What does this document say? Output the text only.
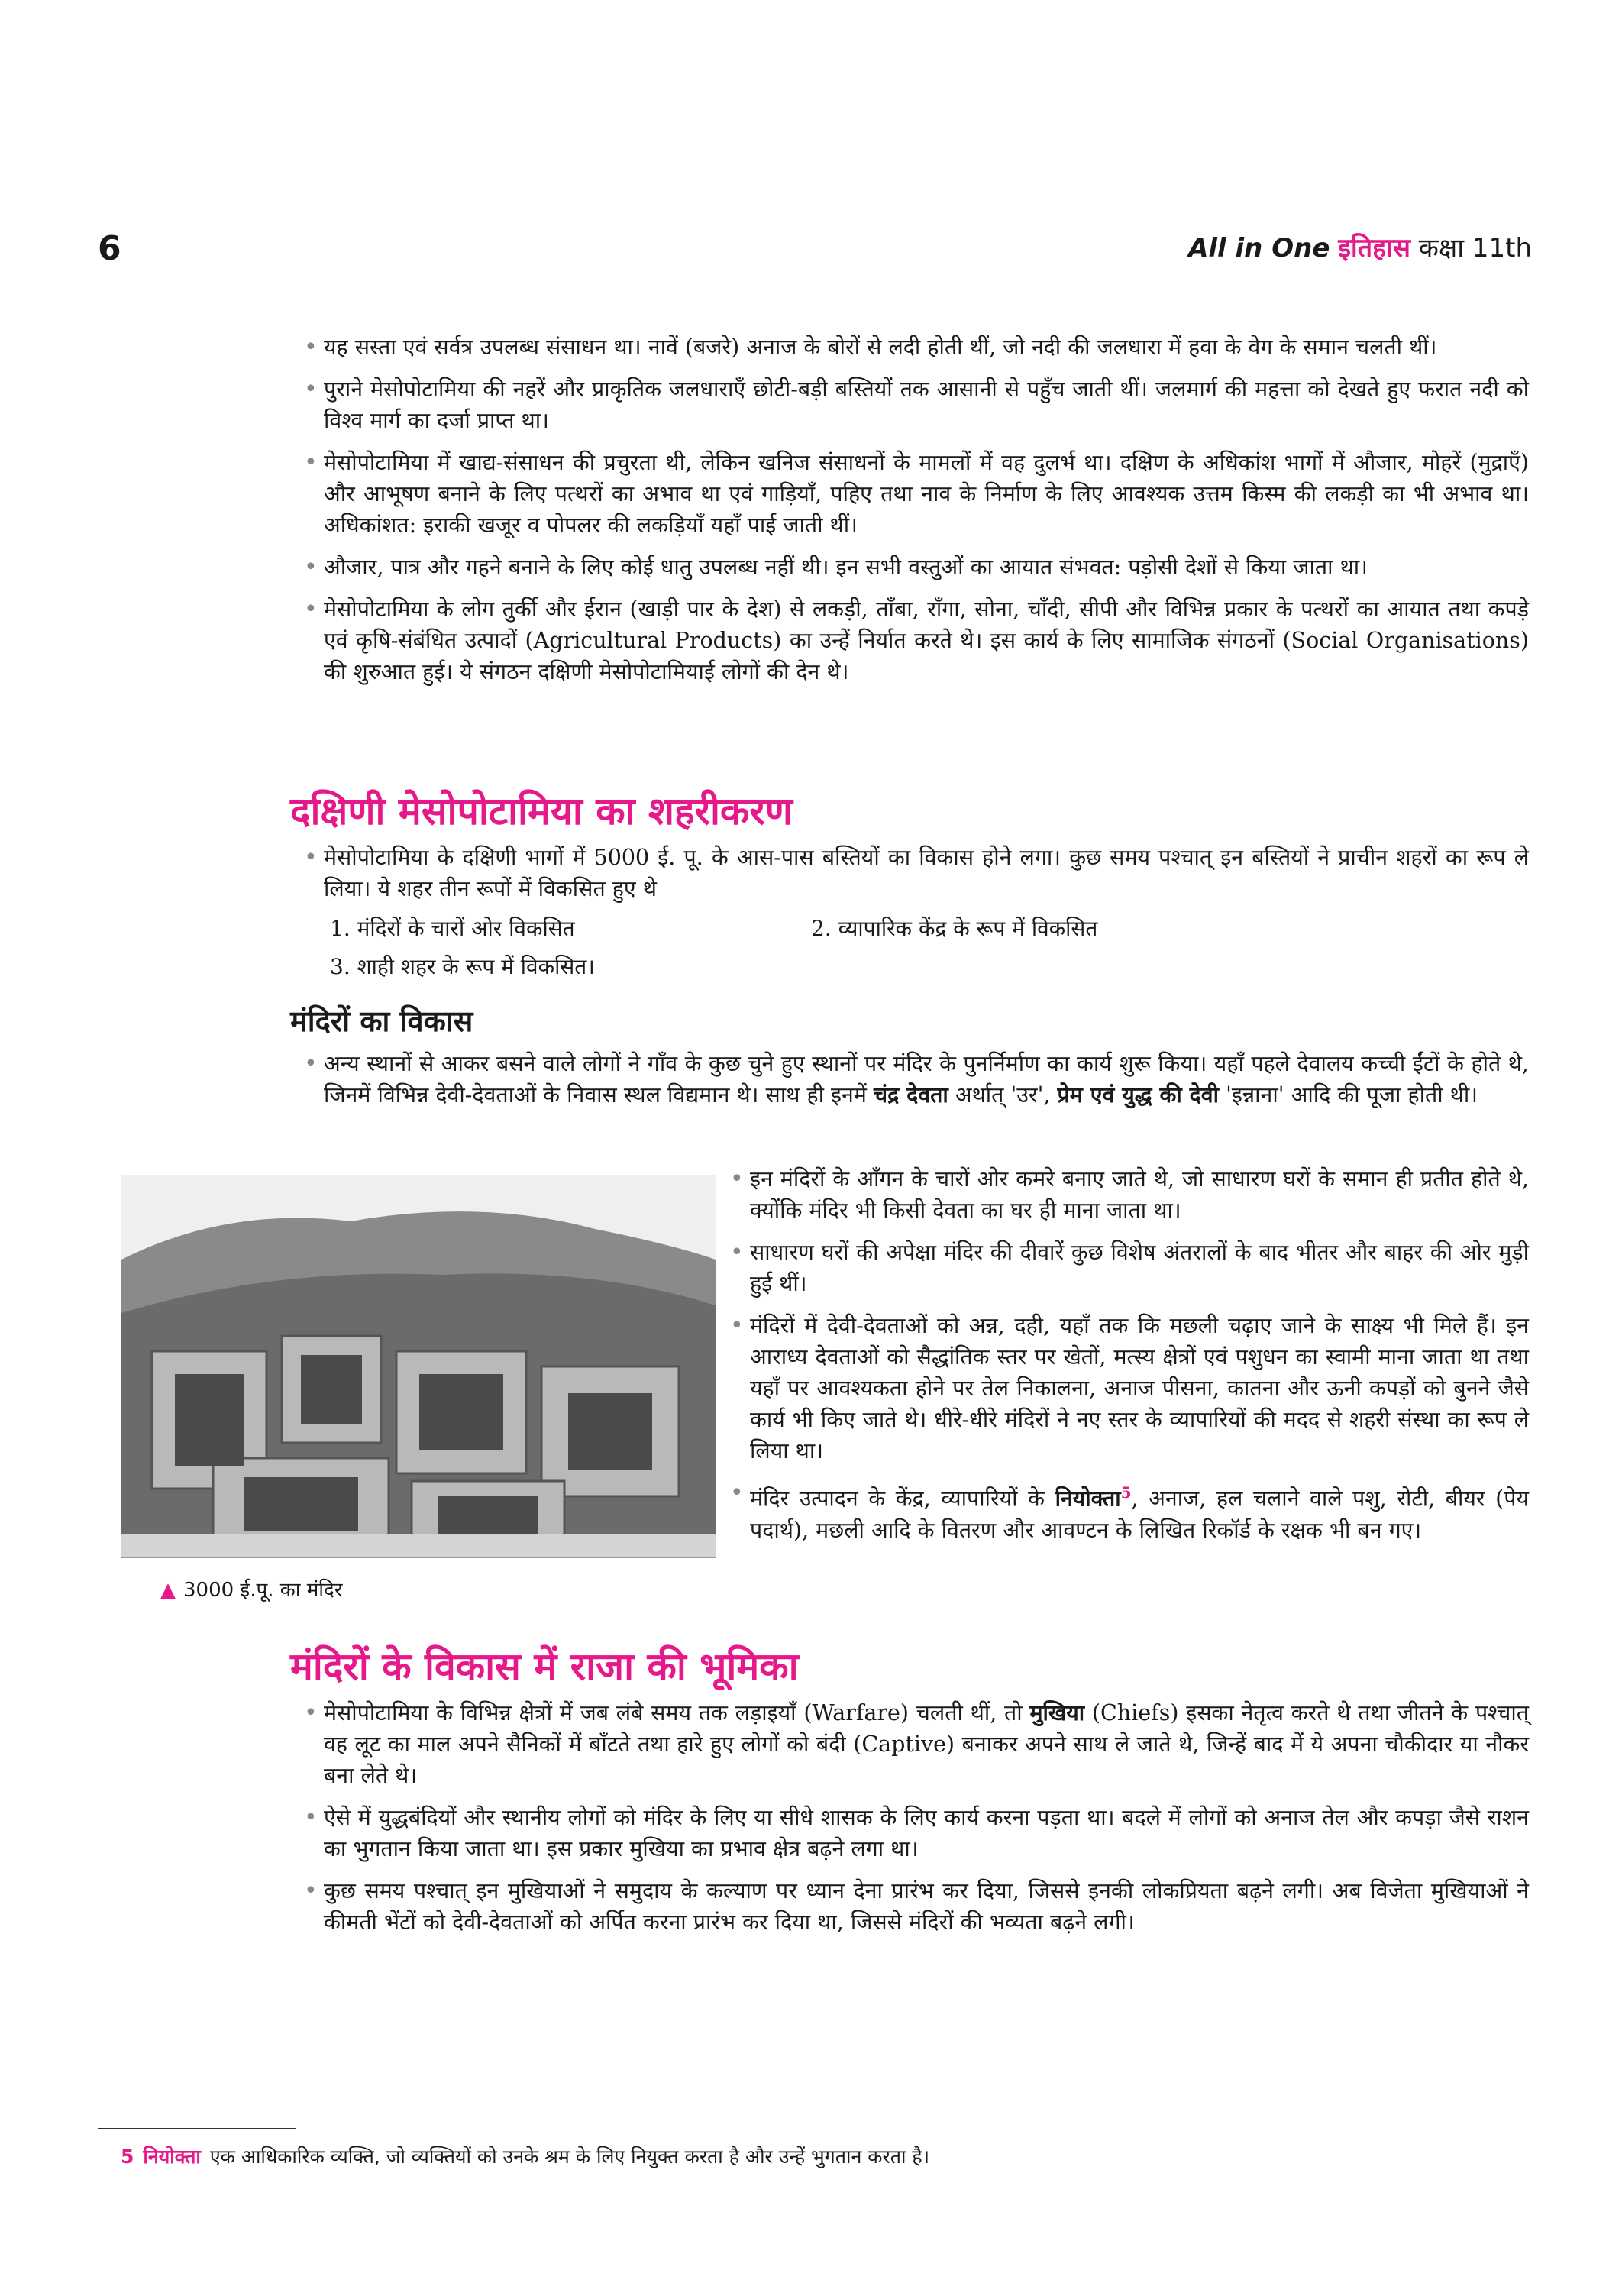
6	All in One इतिहास कक्षा 11th
• यह सस्ता एवं सर्वत्र उपलब्ध संसाधन था। नावें (बजरे) अनाज के बोरों से लदी होती थीं, जो नदी की जलधारा में हवा के वेग के समान चलती थीं।
• पुराने मेसोपोटामिया की नहरें और प्राकृतिक जलधाराएँ छोटी-बड़ी बस्तियों तक आसानी से पहुँच जाती थीं। जलमार्ग की महत्ता को देखते हुए फरात नदी को विश्व मार्ग का दर्जा प्राप्त था।
• मेसोपोटामिया में खाद्य-संसाधन की प्रचुरता थी, लेकिन खनिज संसाधनों के मामलों में वह दुलर्भ था। दक्षिण के अधिकांश भागों में औजार, मोहरें (मुद्राएँ) और आभूषण बनाने के लिए पत्थरों का अभाव था एवं गाड़ियाँ, पहिए तथा नाव के निर्माण के लिए आवश्यक उत्तम किस्म की लकड़ी का भी अभाव था। अधिकांशत: इराकी खजूर व पोपलर की लकड़ियाँ यहाँ पाई जाती थीं।
• औजार, पात्र और गहने बनाने के लिए कोई धातु उपलब्ध नहीं थी। इन सभी वस्तुओं का आयात संभवत: पड़ोसी देशों से किया जाता था।
• मेसोपोटामिया के लोग तुर्की और ईरान (खाड़ी पार के देश) से लकड़ी, ताँबा, राँगा, सोना, चाँदी, सीपी और विभिन्न प्रकार के पत्थरों का आयात तथा कपड़े एवं कृषि-संबंधित उत्पादों (Agricultural Products) का उन्हें निर्यात करते थे। इस कार्य के लिए सामाजिक संगठनों (Social Organisations) की शुरुआत हुई। ये संगठन दक्षिणी मेसोपोटामियाई लोगों की देन थे।
दक्षिणी मेसोपोटामिया का शहरीकरण
• मेसोपोटामिया के दक्षिणी भागों में 5000 ई. पू. के आस-पास बस्तियों का विकास होने लगा। कुछ समय पश्चात् इन बस्तियों ने प्राचीन शहरों का रूप ले लिया। ये शहर तीन रूपों में विकसित हुए थे
1. मंदिरों के चारों ओर विकसित	2. व्यापारिक केंद्र के रूप में विकसित
3. शाही शहर के रूप में विकसित।
मंदिरों का विकास
• अन्य स्थानों से आकर बसने वाले लोगों ने गाँव के कुछ चुने हुए स्थानों पर मंदिर के पुनर्निर्माण का कार्य शुरू किया। यहाँ पहले देवालय कच्ची ईंटों के होते थे, जिनमें विभिन्न देवी-देवताओं के निवास स्थल विद्यमान थे। साथ ही इनमें चंद्र देवता अर्थात् 'उर', प्रेम एवं युद्ध की देवी 'इन्नाना' आदि की पूजा होती थी।
▲ 3000 ई.पू. का मंदिर
• इन मंदिरों के आँगन के चारों ओर कमरे बनाए जाते थे, जो साधारण घरों के समान ही प्रतीत होते थे, क्योंकि मंदिर भी किसी देवता का घर ही माना जाता था।
• साधारण घरों की अपेक्षा मंदिर की दीवारें कुछ विशेष अंतरालों के बाद भीतर और बाहर की ओर मुड़ी हुई थीं।
• मंदिरों में देवी-देवताओं को अन्न, दही, यहाँ तक कि मछली चढ़ाए जाने के साक्ष्य भी मिले हैं। इन आराध्य देवताओं को सैद्धांतिक स्तर पर खेतों, मत्स्य क्षेत्रों एवं पशुधन का स्वामी माना जाता था तथा यहाँ पर आवश्यकता होने पर तेल निकालना, अनाज पीसना, कातना और ऊनी कपड़ों को बुनने जैसे कार्य भी किए जाते थे। धीरे-धीरे मंदिरों ने नए स्तर के व्यापारियों की मदद से शहरी संस्था का रूप ले लिया था।
• मंदिर उत्पादन के केंद्र, व्यापारियों के नियोक्ता$^5$, अनाज, हल चलाने वाले पशु, रोटी, बीयर (पेय पदार्थ), मछली आदि के वितरण और आवण्टन के लिखित रिकॉर्ड के रक्षक भी बन गए।
मंदिरों के विकास में राजा की भूमिका
• मेसोपोटामिया के विभिन्न क्षेत्रों में जब लंबे समय तक लड़ाइयाँ (Warfare) चलती थीं, तो मुखिया (Chiefs) इसका नेतृत्व करते थे तथा जीतने के पश्चात् वह लूट का माल अपने सैनिकों में बाँटते तथा हारे हुए लोगों को बंदी (Captive) बनाकर अपने साथ ले जाते थे, जिन्हें बाद में ये अपना चौकीदार या नौकर बना लेते थे।
• ऐसे में युद्धबंदियों और स्थानीय लोगों को मंदिर के लिए या सीधे शासक के लिए कार्य करना पड़ता था। बदले में लोगों को अनाज तेल और कपड़ा जैसे राशन का भुगतान किया जाता था। इस प्रकार मुखिया का प्रभाव क्षेत्र बढ़ने लगा था।
• कुछ समय पश्चात् इन मुखियाओं ने समुदाय के कल्याण पर ध्यान देना प्रारंभ कर दिया, जिससे इनकी लोकप्रियता बढ़ने लगी। अब विजेता मुखियाओं ने कीमती भेंटों को देवी-देवताओं को अर्पित करना प्रारंभ कर दिया था, जिससे मंदिरों की भव्यता बढ़ने लगी।
5 नियोक्ता एक आधिकारिक व्यक्ति, जो व्यक्तियों को उनके श्रम के लिए नियुक्त करता है और उन्हें भुगतान करता है।
